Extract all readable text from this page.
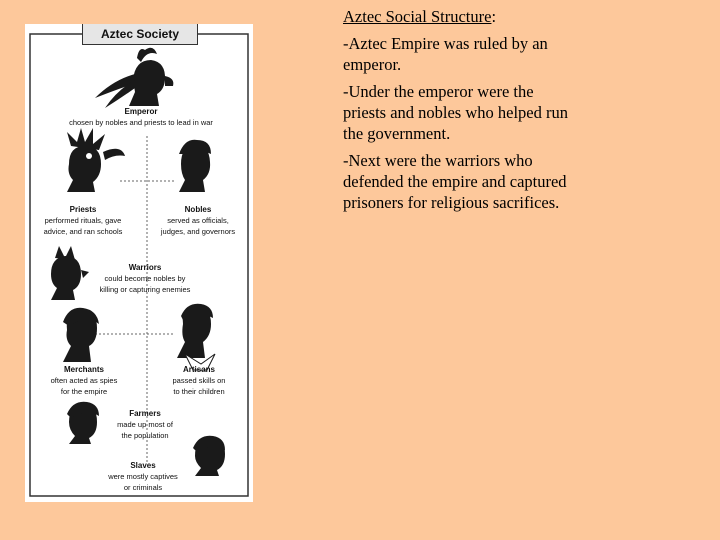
Aztec Society
Emperor
chosen by nobles and priests to lead in war
Priests
performed rituals, gave
advice, and ran schools
Nobles
served as officials,
judges, and governors
Warriors
could become nobles by
killing or capturing enemies
Merchants
often acted as spies
for the empire
Artisans
passed skills on
to their children
Farmers
made up most of
the population
Slaves
were mostly captives
or criminals

Aztec Social Structure:

-Aztec Empire was ruled by an emperor.

-Under the emperor were the priests and nobles who helped run the government.

-Next were the warriors who defended the empire and captured prisoners for religious sacrifices.
